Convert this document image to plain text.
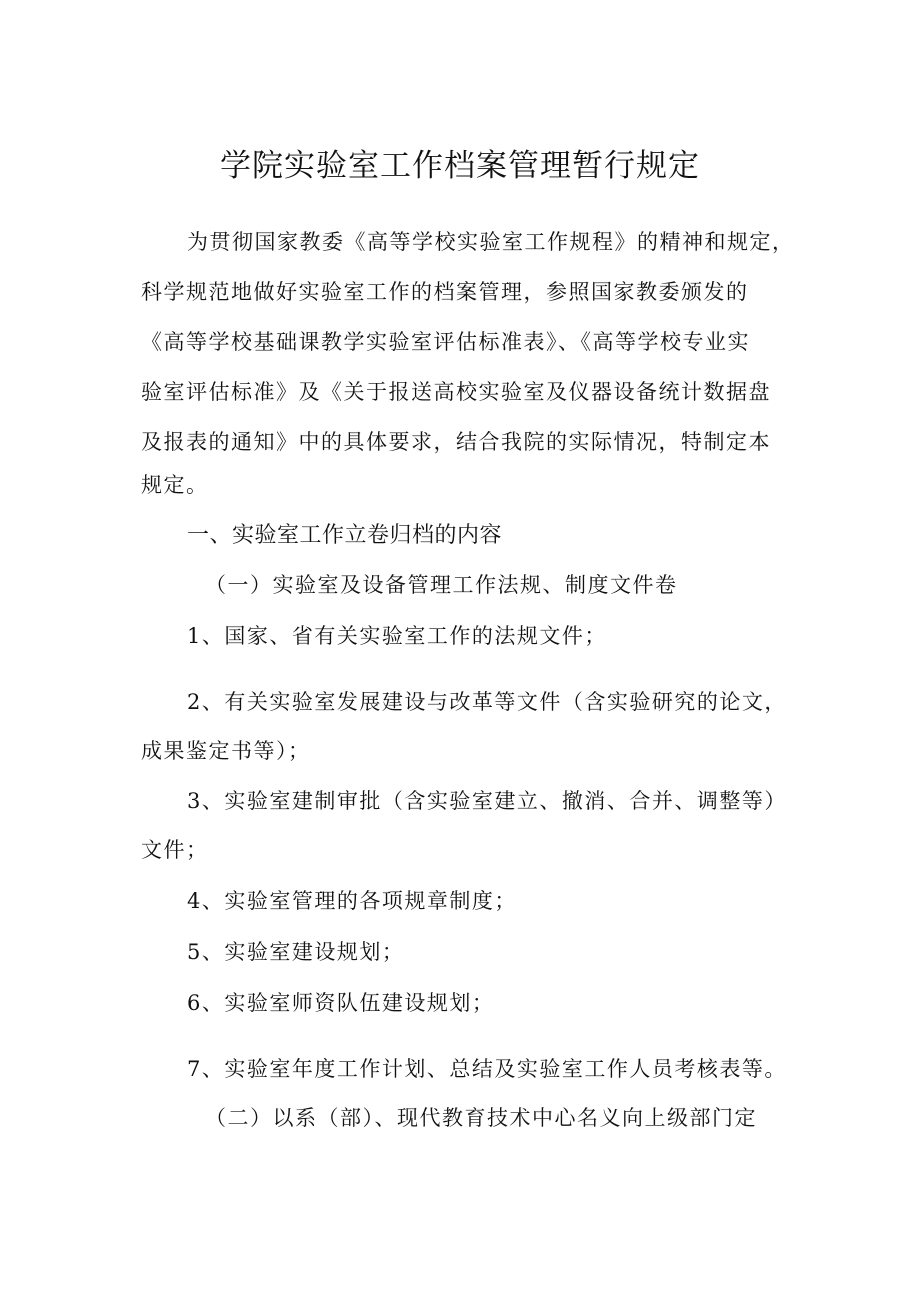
学院实验室工作档案管理暂行规定
为贯彻国家教委《高等学校实验室工作规程》的精神和规定，
科学规范地做好实验室工作的档案管理，参照国家教委颁发的
《高等学校基础课教学实验室评估标准表》、《高等学校专业实
验室评估标准》及《关于报送高校实验室及仪器设备统计数据盘
及报表的通知》中的具体要求，结合我院的实际情况，特制定本
规定。
一、实验室工作立卷归档的内容
（一）实验室及设备管理工作法规、制度文件卷
1、国家、省有关实验室工作的法规文件；
2、有关实验室发展建设与改革等文件（含实验研究的论文，
成果鉴定书等）；
3、实验室建制审批（含实验室建立、撤消、合并、调整等）
文件；
4、实验室管理的各项规章制度；
5、实验室建设规划；
6、实验室师资队伍建设规划；
7、实验室年度工作计划、总结及实验室工作人员考核表等。
（二）以系（部）、现代教育技术中心名义向上级部门定
